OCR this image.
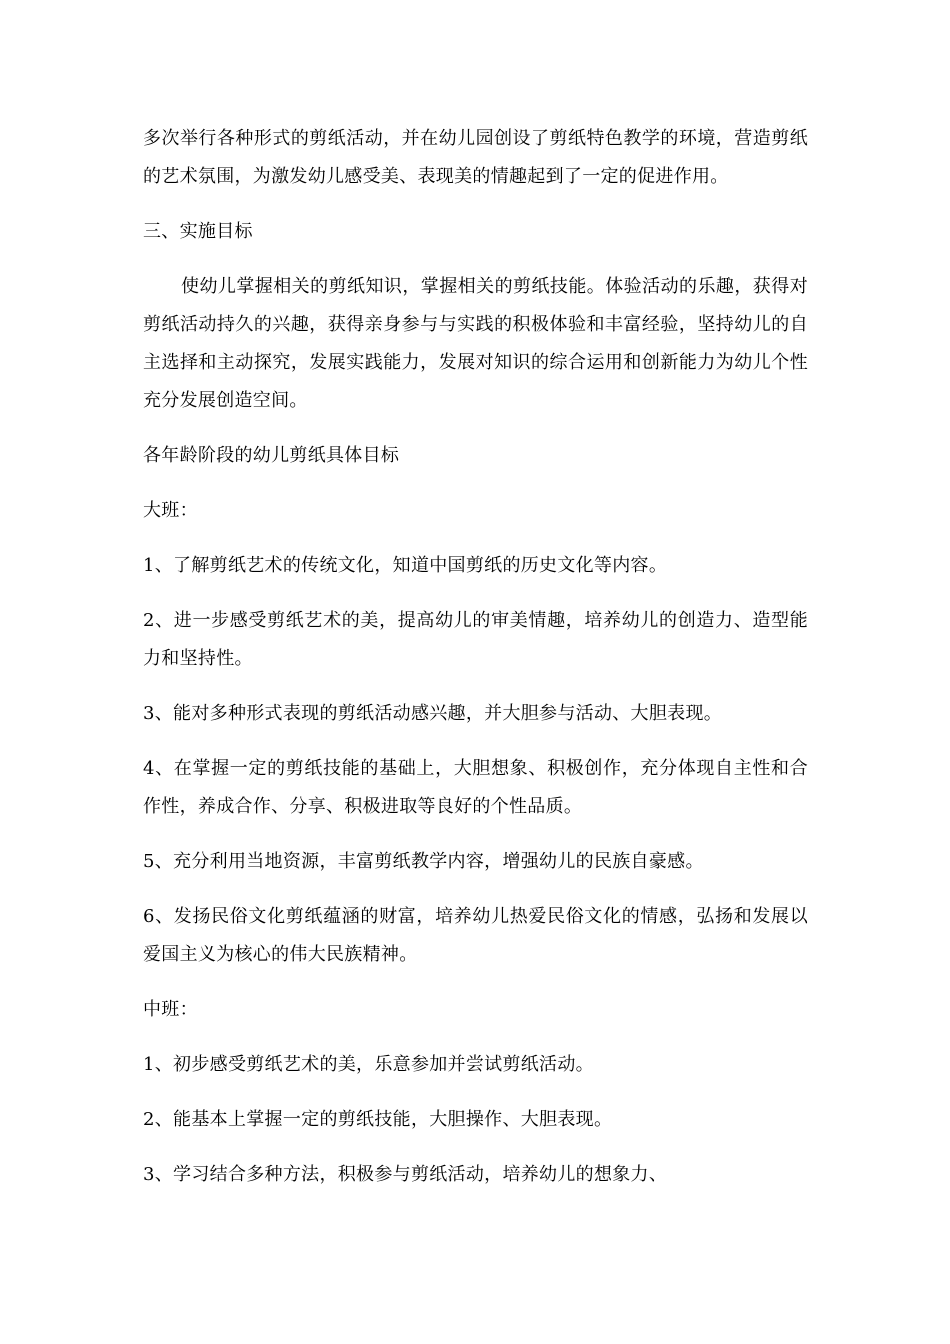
多次举行各种形式的剪纸活动，并在幼儿园创设了剪纸特色教学的环境，营造剪纸的艺术氛围，为激发幼儿感受美、表现美的情趣起到了一定的促进作用。

三、实施目标

使幼儿掌握相关的剪纸知识，掌握相关的剪纸技能。体验活动的乐趣，获得对剪纸活动持久的兴趣，获得亲身参与与实践的积极体验和丰富经验，坚持幼儿的自主选择和主动探究，发展实践能力，发展对知识的综合运用和创新能力为幼儿个性充分发展创造空间。

各年龄阶段的幼儿剪纸具体目标

大班：

1、了解剪纸艺术的传统文化，知道中国剪纸的历史文化等内容。

2、进一步感受剪纸艺术的美，提高幼儿的审美情趣，培养幼儿的创造力、造型能力和坚持性。

3、能对多种形式表现的剪纸活动感兴趣，并大胆参与活动、大胆表现。

4、在掌握一定的剪纸技能的基础上，大胆想象、积极创作，充分体现自主性和合作性，养成合作、分享、积极进取等良好的个性品质。

5、充分利用当地资源，丰富剪纸教学内容，增强幼儿的民族自豪感。

6、发扬民俗文化剪纸蕴涵的财富，培养幼儿热爱民俗文化的情感，弘扬和发展以爱国主义为核心的伟大民族精神。

中班：

1、初步感受剪纸艺术的美，乐意参加并尝试剪纸活动。

2、能基本上掌握一定的剪纸技能，大胆操作、大胆表现。

3、学习结合多种方法，积极参与剪纸活动，培养幼儿的想象力、
